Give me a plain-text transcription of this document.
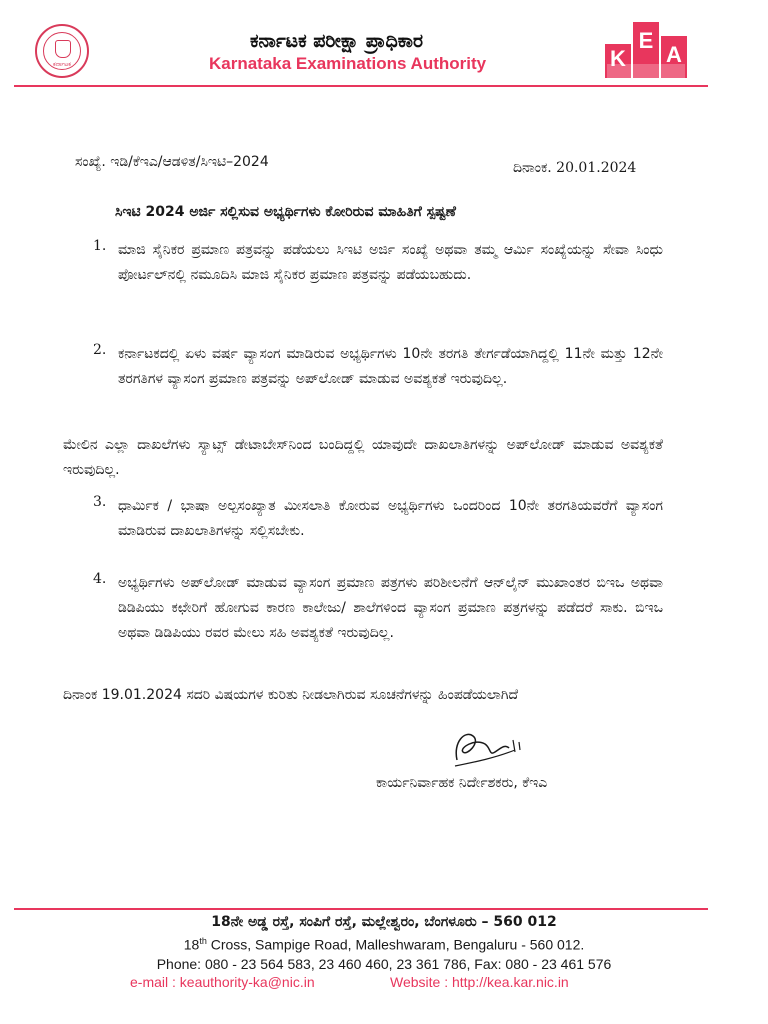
ಕರ್ನಾಟಕ
ಕರ್ನಾಟಕ ಪರೀಕ್ಷಾ ಪ್ರಾಧಿಕಾರ
Karnataka Examinations Authority	K
E
A
ಸಂಖ್ಯೆ. ಇಡಿ/ಕೆಇಎ/ಆಡಳಿತ/ಸಿಇಟಿ–2024	ದಿನಾಂಕ. 20.01.2024
ಸಿಇಟಿ 2024 ಅರ್ಜಿ ಸಲ್ಲಿಸುವ ಅಭ್ಯರ್ಥಿಗಳು ಕೋರಿರುವ ಮಾಹಿತಿಗೆ ಸ್ಪಷ್ಟಣೆ
1. ಮಾಜಿ ಸೈನಿಕರ ಪ್ರಮಾಣ ಪತ್ರವನ್ನು ಪಡೆಯಲು ಸಿಇಟಿ ಅರ್ಜಿ ಸಂಖ್ಯೆ ಅಥವಾ ತಮ್ಮ ಆರ್ಮಿ ಸಂಖ್ಯೆಯನ್ನು ಸೇವಾ ಸಿಂಧು ಪೋರ್ಟಲ್‌ನಲ್ಲಿ ನಮೂದಿಸಿ ಮಾಜಿ ಸೈನಿಕರ ಪ್ರಮಾಣ ಪತ್ರವನ್ನು ಪಡೆಯಬಹುದು.
2. ಕರ್ನಾಟಕದಲ್ಲಿ ಏಳು ವರ್ಷ ವ್ಯಾಸಂಗ ಮಾಡಿರುವ ಅಭ್ಯರ್ಥಿಗಳು 10ನೇ ತರಗತಿ ತೇರ್ಗಡೆಯಾಗಿದ್ದಲ್ಲಿ 11ನೇ ಮತ್ತು 12ನೇ ತರಗತಿಗಳ ವ್ಯಾಸಂಗ ಪ್ರಮಾಣ ಪತ್ರವನ್ನು ಅಪ್‌ಲೋಡ್ ಮಾಡುವ ಅವಶ್ಯಕತೆ ಇರುವುದಿಲ್ಲ.
ಮೇಲಿನ ಎಲ್ಲಾ ದಾಖಲೆಗಳು ಸ್ಯಾಟ್ಸ್ ಡೇಟಾಬೇಸ್‌ನಿಂದ ಬಂದಿದ್ದಲ್ಲಿ ಯಾವುದೇ ದಾಖಲಾತಿಗಳನ್ನು ಅಪ್‌ಲೋಡ್ ಮಾಡುವ ಅವಶ್ಯಕತೆ ಇರುವುದಿಲ್ಲ.
3. ಧಾರ್ಮಿಕ / ಭಾಷಾ ಅಲ್ಪಸಂಖ್ಯಾತ ಮೀಸಲಾತಿ ಕೋರುವ ಅಭ್ಯರ್ಥಿಗಳು ಒಂದರಿಂದ 10ನೇ ತರಗತಿಯವರೆಗೆ ವ್ಯಾಸಂಗ ಮಾಡಿರುವ ದಾಖಲಾತಿಗಳನ್ನು ಸಲ್ಲಿಸಬೇಕು.
4. ಅಭ್ಯರ್ಥಿಗಳು ಅಪ್‌ಲೋಡ್ ಮಾಡುವ ವ್ಯಾಸಂಗ ಪ್ರಮಾಣ ಪತ್ರಗಳು ಪರಿಶೀಲನೆಗೆ ಆನ್‌ಲೈನ್ ಮುಖಾಂತರ ಬಿಇಒ ಅಥವಾ ಡಿಡಿಪಿಯು ಕಛೇರಿಗೆ ಹೋಗುವ ಕಾರಣ ಕಾಲೇಜು/ ಶಾಲೆಗಳಿಂದ ವ್ಯಾಸಂಗ ಪ್ರಮಾಣ ಪತ್ರಗಳನ್ನು ಪಡೆದರೆ ಸಾಕು. ಬಿಇಒ ಅಥವಾ ಡಿಡಿಪಿಯು ರವರ ಮೇಲು ಸಹಿ ಅವಶ್ಯಕತೆ ಇರುವುದಿಲ್ಲ.
ದಿನಾಂಕ 19.01.2024 ಸದರಿ ವಿಷಯಗಳ ಕುರಿತು ನೀಡಲಾಗಿರುವ ಸೂಚನೆಗಳನ್ನು ಹಿಂಪಡೆಯಲಾಗಿದೆ
ಕಾರ್ಯನಿರ್ವಾಹಕ ನಿರ್ದೇಶಕರು, ಕೆಇಎ
18ನೇ ಅಡ್ಡ ರಸ್ತೆ, ಸಂಪಿಗೆ ರಸ್ತೆ, ಮಲ್ಲೇಶ್ವರಂ, ಬೆಂಗಳೂರು – 560 012
18th Cross, Sampige Road, Malleshwaram, Bengaluru - 560 012.
Phone: 080 - 23 564 583, 23 460 460, 23 361 786, Fax: 080 - 23 461 576
e-mail : keauthority-ka@nic.in	Website : http://kea.kar.nic.in
